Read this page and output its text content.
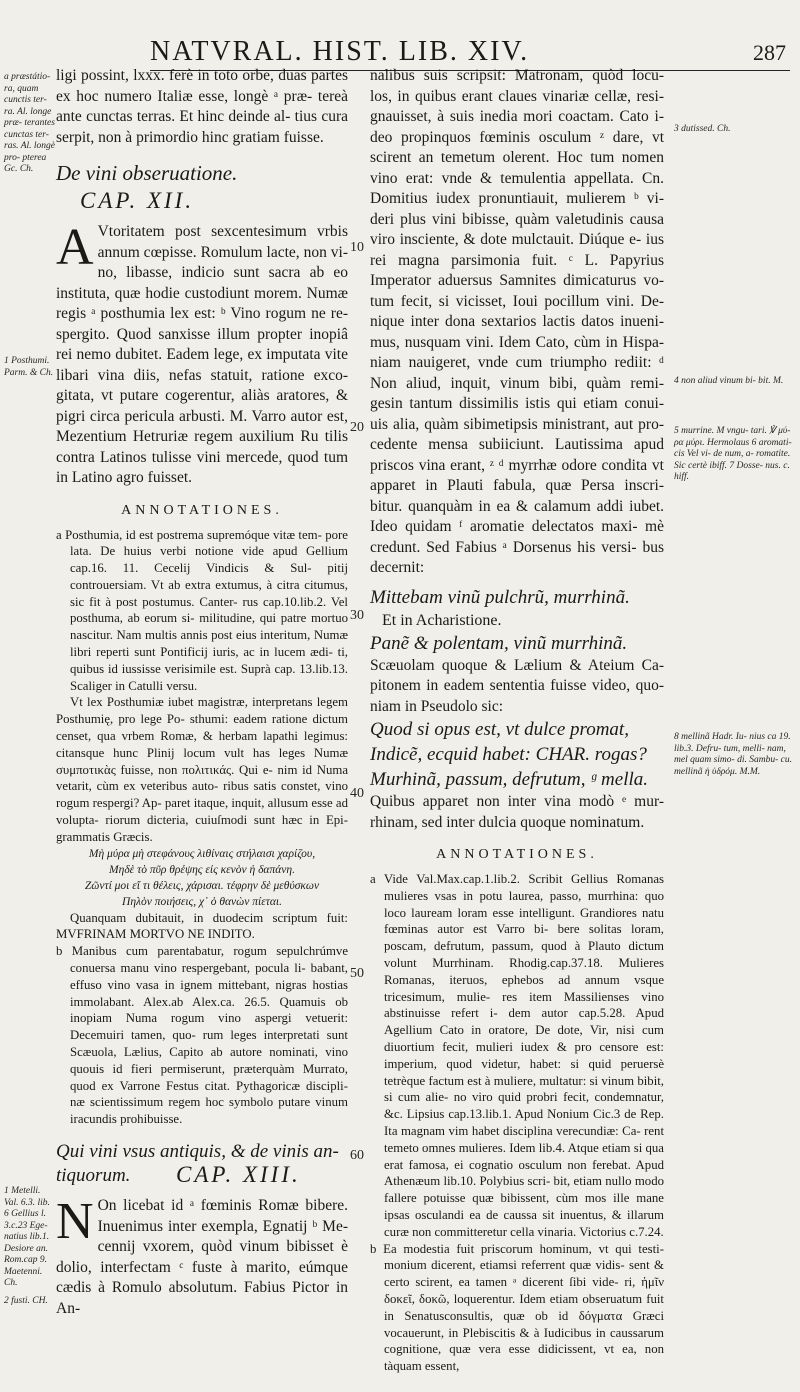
NATVRAL. HIST. LIB. XIV.	287
a præstátio- ra, quam cunctis ter- ra. Al. longe præ- terantes cunctas ter- ras. Al. longè pro- pterea Gc. Ch.
1 Posthumi. Parm. & Ch.
1 Metelli. Val. 6.3. lib. 6 Gellius l. 3.c.23 Ege- natius lib.1. Desiore an. Rom.cap 9. Maetenni. Ch.
2 fusti. CH.
3 dutissed. Ch.
4 non aliud vinum bi- bit. M.
5 murrine. M vngu- tari. ℣ μύ- ρα μύρι. Hermolaus 6 aromati- cis Vel vi- de num, a- romatite. Sic certè ibiff. 7 Dosse- nus. c. hiff.
8 mellinã Hadr. Iu- nius ca 19. lib.3. Defru- tum, melli- nam, mel quam simo- di. Sambu- cu. mellinã ἡ ὑδρόμ. M.M.
10
20
30
40
50
60

ligi possint, lxxx. ferè in toto orbe, duas partes ex hoc numero Italiæ esse, longè ᵃ præ- tereà ante cunctas terras. Et hinc deinde al- tius cura serpit, non à primordio hinc gratiam fuisse.

De vini obseruatione.

CAP. XII.

A Vtoritatem post sexcentesimum vrbis annum cœpisse. Romulum lacte, non vi- no, libasse, indicio sunt sacra ab eo instituta, quæ hodie custodiunt morem. Numæ regis ᵃ posthumia lex est: ᵇ Vino rogum ne re- spergito. Quod sanxisse illum propter inopiâ rei nemo dubitet. Eadem lege, ex imputata vite libari vina diis, nefas statuit, ratione exco- gitata, vt putare cogerentur, aliàs aratores, & pigri circa pericula arbusti. M. Varro autor est, Mezentium Hetruriæ regem auxilium Ru tilis contra Latinos tulisse vini mercede, quod tum in Latino agro fuisset.

ANNOTATIONES.

a Posthumia, id est postrema supremóque vitæ tem- pore lata. De huius verbi notione vide apud Gellium cap.16. 11. Cecelij Vindicis & Sul- pitij controuersiam. Vt ab extra extumus, à citra citumus, sic fit à post postumus. Canter- rus cap.10.lib.2. Vel posthuma, ab eorum si- militudine, qui patre mortuo nascitur. Nam multis annis post eius interitum, Numæ libri reperti sunt Pontificij iuris, ac in lucem ædi- ti, quibus id iussisse verisimile est. Suprà cap. 13.lib.13. Scaliger in Catulli versu.

Vt lex Posthumiæ iubet magistræ, interpretans legem Posthumię, pro lege Po- sthumi: eadem ratione dictum censet, qua vrbem Romæ, & herbam lapathi legimus: citansque hunc Plinij locum vult has leges Numæ συμποτικὰς fuisse, non πολιτικάς. Qui e- nim id Numa vetarit, cùm ex veteribus auto- ribus satis constet, vino rogum respergi? Ap- paret itaque, inquit, allusum esse ad volupta- riorum dicteria, cuiuſmodi sunt hæc in Epi- grammatis Græcis.

Μὴ μύρα μὴ στεφάνους λιθίναις στήλαισι χαρίζου,

Μηδὲ τὸ πῦρ θρέψης εἰς κενὸν ἡ δαπάνη.

Ζῶντί μοι εἴ τι θέλεις, χάρισαι. τέφρην δὲ μεθύσκων

Πηλὸν ποιήσεις, χ᾽ ὁ θανὼν πίεται.

Quanquam dubitauit, in duodecim scriptum fuit: MVFRINAM MORTVO NE INDITO.

b Manibus cum parentabatur, rogum sepulchrúmve conuersa manu vino respergebant, pocula li- babant, effuso vino vasa in ignem mittebant, nigras hostias immolabant. Alex.ab Alex.ca. 26.5. Quamuis ob inopiam Numa rogum vino aspergi vetuerit: Decemuiri tamen, quo- rum leges interpretati sunt Scæuola, Lælius, Capito ab autore nominati, vino quouis id fieri permiserunt, præterquàm Murrato, quod ex Varrone Festus citat. Pythagoricæ discipli- næ scientissimum regem hoc symbolo putare vinum iracundis prohibuisse.

Qui vini vsus antiquis, & de vinis an- tiquorum.	CAP. XIII.

N On licebat id ᵃ fœminis Romæ bibere. Inuenimus inter exempla, Egnatij ᵇ Me- cennij vxorem, quòd vinum bibisset è dolio, interfectam ᶜ fuste à marito, eúmque cædis à Romulo absolutum. Fabius Pictor in An-

nalibus suis scripsit: Matronam, quòd locu- los, in quibus erant claues vinariæ cellæ, resi- gnauisset, à suis inedia mori coactam. Cato i- deo propinquos fœminis osculum ᶻ dare, vt scirent an temetum olerent. Hoc tum nomen vino erat: vnde & temulentia appellata. Cn. Domitius iudex pronuntiauit, mulierem ᵇ vi- deri plus vini bibisse, quàm valetudinis causa viro insciente, & dote mulctauit. Diúque e- ius rei magna parsimonia fuit. ᶜ L. Papyrius Imperator aduersus Samnites dimicaturus vo- tum fecit, si vicisset, Ioui pocillum vini. De- nique inter dona sextarios lactis datos inueni- mus, nusquam vini. Idem Cato, cùm in Hispa- niam nauigeret, vnde cum triumpho rediit: ᵈ Non aliud, inquit, vinum bibi, quàm remi- gesin tantum dissimilis istis qui etiam conui- uis alia, quàm sibimetipsis ministrant, aut pro- cedente mensa subiiciunt. Lautissima apud priscos vina erant, ᶻ ᵈ myrrhæ odore condita vt apparet in Plauti fabula, quæ Persa inscri- bitur. quanquàm in ea & calamum addi iubet. Ideo quidam ᶠ aromatie delectatos maxi- mè credunt. Sed Fabius ᵃ Dorsenus his versi- bus decernit:

Mittebam vinũ pulchrũ, murrhinã.

Et in Acharistione.

Panẽ & polentam, vinũ murrhinã.

Scæuolam quoque & Lælium & Ateium Ca- pitonem in eadem sententia fuisse video, quo- niam in Pseudolo sic:

Quod si opus est, vt dulce promat,

Indicẽ, ecquid habet: CHAR. rogas?

Murhinã, passum, defrutum, ᶢ mella.

Quibus apparet non inter vina modò ᵉ mur- rhinam, sed inter dulcia quoque nominatum.

ANNOTATIONES.

a Vide Val.Max.cap.1.lib.2. Scribit Gellius Romanas mulieres vsas in potu laurea, passo, murrhina: quo loco lauream loram esse intelligunt. Grandiores natu fœminas autor est Varro bi- bere solitas loram, poscam, defrutum, passum, quod à Plauto dictum volunt Murrhinam. Rhodig.cap.37.18. Mulieres Romanas, iteruos, ephebos ad annum vsque tricesimum, mulie- res item Massilienses vino abstinuisse refert i- dem autor cap.5.28. Apud Agellium Cato in oratore, De dote, Vir, nisi cum diuortium fecit, mulieri iudex & pro censore est: imperium, quod videtur, habet: si quid peruersè tetrèque factum est à muliere, multatur: si vinum bibit, si cum alie- no viro quid probri fecit, condemnatur, &c. Lipsius cap.13.lib.1. Apud Nonium Cic.3 de Rep. Ita magnam vim habet disciplina verecundiæ: Ca- rent temeto omnes mulieres. Idem lib.4. Atque etiam si qua erat famosa, ei cognatio osculum non ferebat. Apud Athenæum lib.10. Polybius scri- bit, etiam nullo modo fallere potuisse quæ bibissent, cùm mos ille mane ipsas osculandi ea de caussa sit inuentus, & illarum curæ non committeretur cella vinaria. Victorius c.7.24.

b Ea modestia fuit priscorum hominum, vt qui testi- monium dicerent, etiamsi referrent quæ vidis- sent & certo scirent, ea tamen ᵃ dicerent ſibi vide- ri, ἡμῖν δοκεῖ, δοκῶ, loquerentur. Idem etiam obseruatum fuit in Senatusconsultis, quæ ob id δόγματα Græci vocauerunt, in Plebiscitis & à Iudicibus in caussarum cognitione, quæ vera esse didicissent, vt ea, non tàquam essent,
